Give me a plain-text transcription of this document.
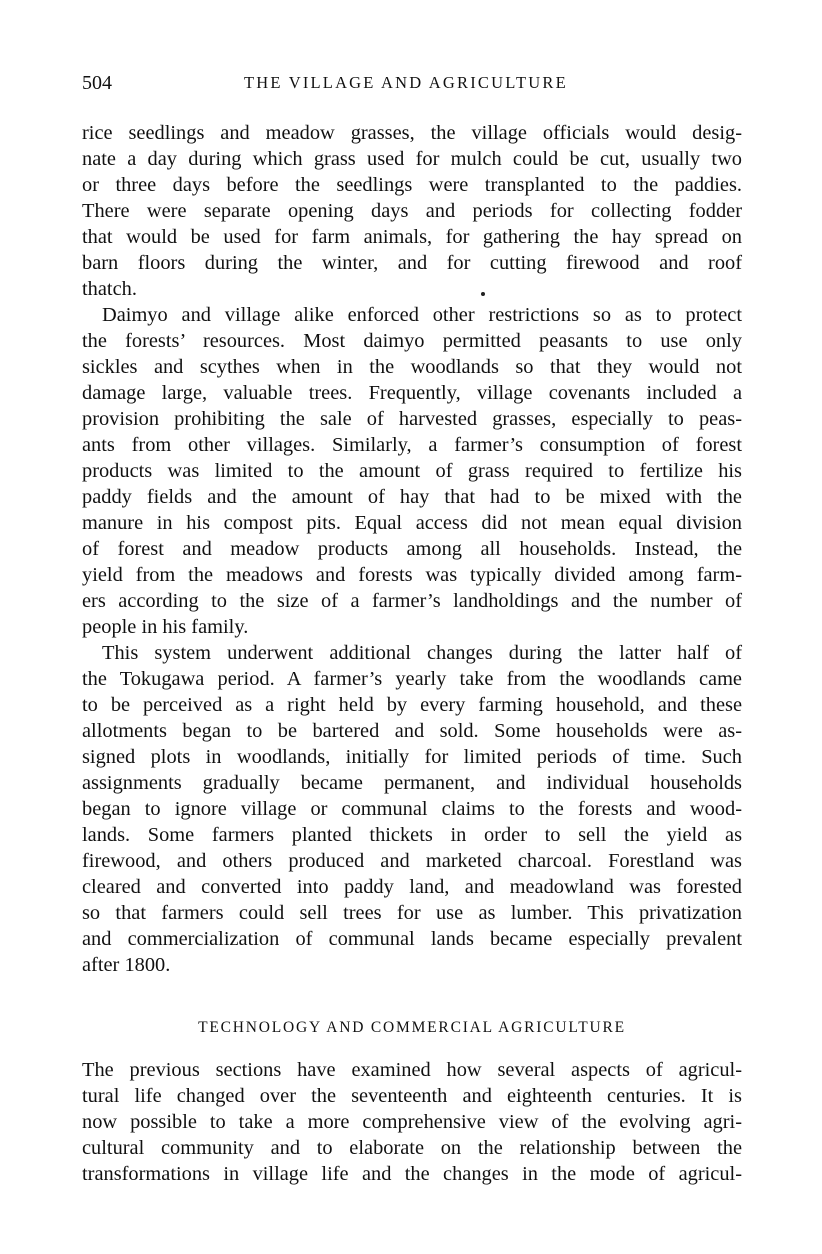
504	THE VILLAGE AND AGRICULTURE
rice seedlings and meadow grasses, the village officials would desig-
nate a day during which grass used for mulch could be cut, usually two
or three days before the seedlings were transplanted to the paddies.
There were separate opening days and periods for collecting fodder
that would be used for farm animals, for gathering the hay spread on
barn floors during the winter, and for cutting firewood and roof
thatch.
Daimyo and village alike enforced other restrictions so as to protect
the forests’ resources. Most daimyo permitted peasants to use only
sickles and scythes when in the woodlands so that they would not
damage large, valuable trees. Frequently, village covenants included a
provision prohibiting the sale of harvested grasses, especially to peas-
ants from other villages. Similarly, a farmer’s consumption of forest
products was limited to the amount of grass required to fertilize his
paddy fields and the amount of hay that had to be mixed with the
manure in his compost pits. Equal access did not mean equal division
of forest and meadow products among all households. Instead, the
yield from the meadows and forests was typically divided among farm-
ers according to the size of a farmer’s landholdings and the number of
people in his family.
This system underwent additional changes during the latter half of
the Tokugawa period. A farmer’s yearly take from the woodlands came
to be perceived as a right held by every farming household, and these
allotments began to be bartered and sold. Some households were as-
signed plots in woodlands, initially for limited periods of time. Such
assignments gradually became permanent, and individual households
began to ignore village or communal claims to the forests and wood-
lands. Some farmers planted thickets in order to sell the yield as
firewood, and others produced and marketed charcoal. Forestland was
cleared and converted into paddy land, and meadowland was forested
so that farmers could sell trees for use as lumber. This privatization
and commercialization of communal lands became especially prevalent
after 1800.
TECHNOLOGY AND COMMERCIAL AGRICULTURE
The previous sections have examined how several aspects of agricul-
tural life changed over the seventeenth and eighteenth centuries. It is
now possible to take a more comprehensive view of the evolving agri-
cultural community and to elaborate on the relationship between the
transformations in village life and the changes in the mode of agricul-
